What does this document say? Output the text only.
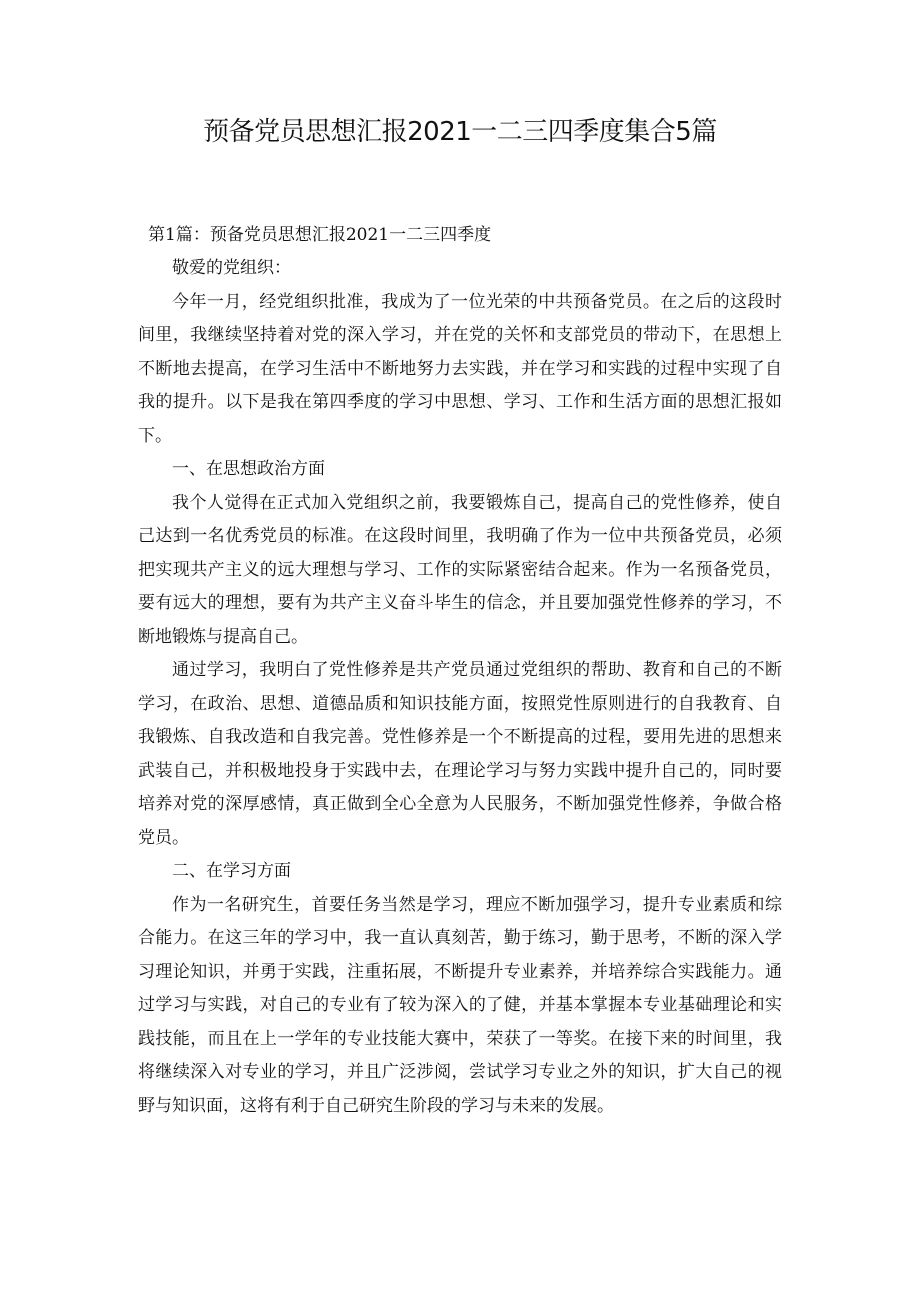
预备党员思想汇报2021一二三四季度集合5篇
第1篇：预备党员思想汇报2021一二三四季度

敬爱的党组织：

今年一月，经党组织批准，我成为了一位光荣的中共预备党员。在之后的这段时间里，我继续坚持着对党的深入学习，并在党的关怀和支部党员的带动下，在思想上不断地去提高，在学习生活中不断地努力去实践，并在学习和实践的过程中实现了自我的提升。以下是我在第四季度的学习中思想、学习、工作和生活方面的思想汇报如下。

一、在思想政治方面

我个人觉得在正式加入党组织之前，我要锻炼自己，提高自己的党性修养，使自己达到一名优秀党员的标准。在这段时间里，我明确了作为一位中共预备党员，必须把实现共产主义的远大理想与学习、工作的实际紧密结合起来。作为一名预备党员，要有远大的理想，要有为共产主义奋斗毕生的信念，并且要加强党性修养的学习，不断地锻炼与提高自己。

通过学习，我明白了党性修养是共产党员通过党组织的帮助、教育和自己的不断学习，在政治、思想、道德品质和知识技能方面，按照党性原则进行的自我教育、自我锻炼、自我改造和自我完善。党性修养是一个不断提高的过程，要用先进的思想来武装自己，并积极地投身于实践中去，在理论学习与努力实践中提升自己的，同时要培养对党的深厚感情，真正做到全心全意为人民服务，不断加强党性修养，争做合格党员。

二、在学习方面

作为一名研究生，首要任务当然是学习，理应不断加强学习，提升专业素质和综合能力。在这三年的学习中，我一直认真刻苦，勤于练习，勤于思考，不断的深入学习理论知识，并勇于实践，注重拓展，不断提升专业素养，并培养综合实践能力。通过学习与实践，对自己的专业有了较为深入的了健，并基本掌握本专业基础理论和实践技能，而且在上一学年的专业技能大赛中，荣获了一等奖。在接下来的时间里，我将继续深入对专业的学习，并且广泛涉阅，尝试学习专业之外的知识，扩大自己的视野与知识面，这将有利于自己研究生阶段的学习与未来的发展。
